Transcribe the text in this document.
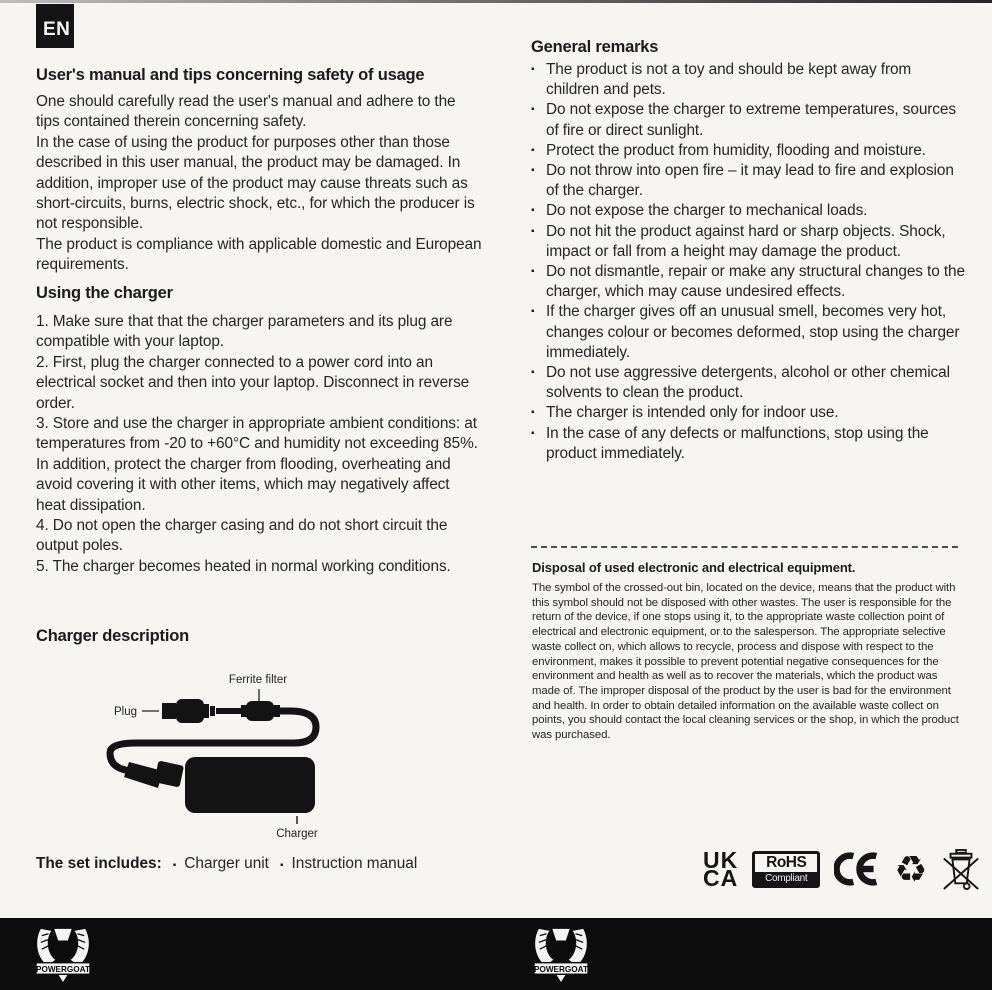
EN
User's manual and tips concerning safety of usage
One should carefully read the user's manual and adhere to the tips contained therein concerning safety.
In the case of using the product for purposes other than those described in this user manual, the product may be damaged. In addition, improper use of the product may cause threats such as short-circuits, burns, electric shock, etc., for which the producer is not responsible.
The product is compliance with applicable domestic and European requirements.
Using the charger
1. Make sure that that the charger parameters and its plug are compatible with your laptop.
2. First, plug the charger connected to a power cord into an electrical socket and then into your laptop. Disconnect in reverse order.
3. Store and use the charger in appropriate ambient conditions: at temperatures from -20 to +60°C and humidity not exceeding 85%. In addition, protect the charger from flooding, overheating and avoid covering it with other items, which may negatively affect heat dissipation.
4. Do not open the charger casing and do not short circuit the output poles.
5. The charger becomes heated in normal working conditions.
Charger description
Ferrite filter
Plug
Charger
The set includes: ▪ Charger unit ▪ Instruction manual
General remarks
▪ The product is not a toy and should be kept away from children and pets.
▪ Do not expose the charger to extreme temperatures, sources of fire or direct sunlight.
▪ Protect the product from humidity, flooding and moisture.
▪ Do not throw into open fire – it may lead to fire and explosion of the charger.
▪ Do not expose the charger to mechanical loads.
▪ Do not hit the product against hard or sharp objects. Shock, impact or fall from a height may damage the product.
▪ Do not dismantle, repair or make any structural changes to the charger, which may cause undesired effects.
▪ If the charger gives off an unusual smell, becomes very hot, changes colour or becomes deformed, stop using the charger immediately.
▪ Do not use aggressive detergents, alcohol or other chemical solvents to clean the product.
▪ The charger is intended only for indoor use.
▪ In the case of any defects or malfunctions, stop using the product immediately.
Disposal of used electronic and electrical equipment.
The symbol of the crossed-out bin, located on the device, means that the product with this symbol should not be disposed with other wastes. The user is responsible for the return of the device, if one stops using it, to the appropriate waste collection point of electrical and electronic equipment, or to the salesperson. The appropriate selective waste collect on, which allows to recycle, process and dispose with respect to the environment, makes it possible to prevent potential negative consequences for the environment and health as well as to recover the materials, which the product was made of. The improper disposal of the product by the user is bad for the environment and health. In order to obtain detailed information on the available waste collect on points, you should contact the local cleaning services or the shop, in which the product was purchased.
UK
CA
RoHS
Compliant ♻
POWERGOAT	POWERGOAT
